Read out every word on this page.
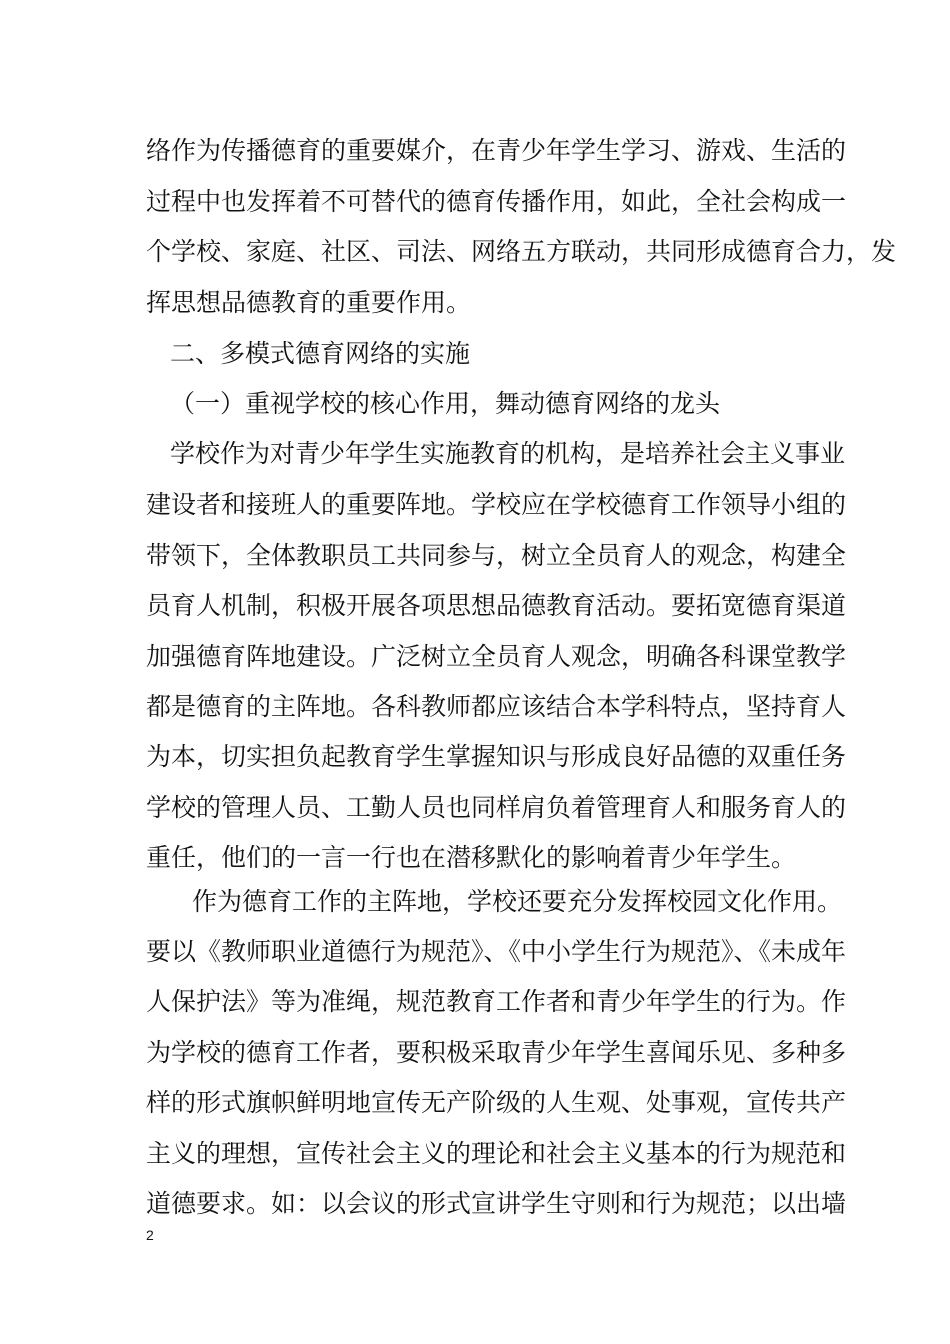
络作为传播德育的重要媒介，在青少年学生学习、游戏、生活的
过程中也发挥着不可替代的德育传播作用，如此，全社会构成一
个学校、家庭、社区、司法、网络五方联动，共同形成德育合力，发
挥思想品德教育的重要作用。
二、多模式德育网络的实施
（一）重视学校的核心作用，舞动德育网络的龙头
学校作为对青少年学生实施教育的机构，是培养社会主义事业
建设者和接班人的重要阵地。学校应在学校德育工作领导小组的
带领下，全体教职员工共同参与，树立全员育人的观念，构建全
员育人机制，积极开展各项思想品德教育活动。要拓宽德育渠道
加强德育阵地建设。广泛树立全员育人观念，明确各科课堂教学
都是德育的主阵地。各科教师都应该结合本学科特点，坚持育人
为本，切实担负起教育学生掌握知识与形成良好品德的双重任务
学校的管理人员、工勤人员也同样肩负着管理育人和服务育人的
重任，他们的一言一行也在潜移默化的影响着青少年学生。
作为德育工作的主阵地，学校还要充分发挥校园文化作用。
要以《教师职业道德行为规范》、《中小学生行为规范》、《未成年
人保护法》等为准绳，规范教育工作者和青少年学生的行为。作
为学校的德育工作者，要积极采取青少年学生喜闻乐见、多种多
样的形式旗帜鲜明地宣传无产阶级的人生观、处事观，宣传共产
主义的理想，宣传社会主义的理论和社会主义基本的行为规范和
道德要求。如：以会议的形式宣讲学生守则和行为规范；以出墙
2
